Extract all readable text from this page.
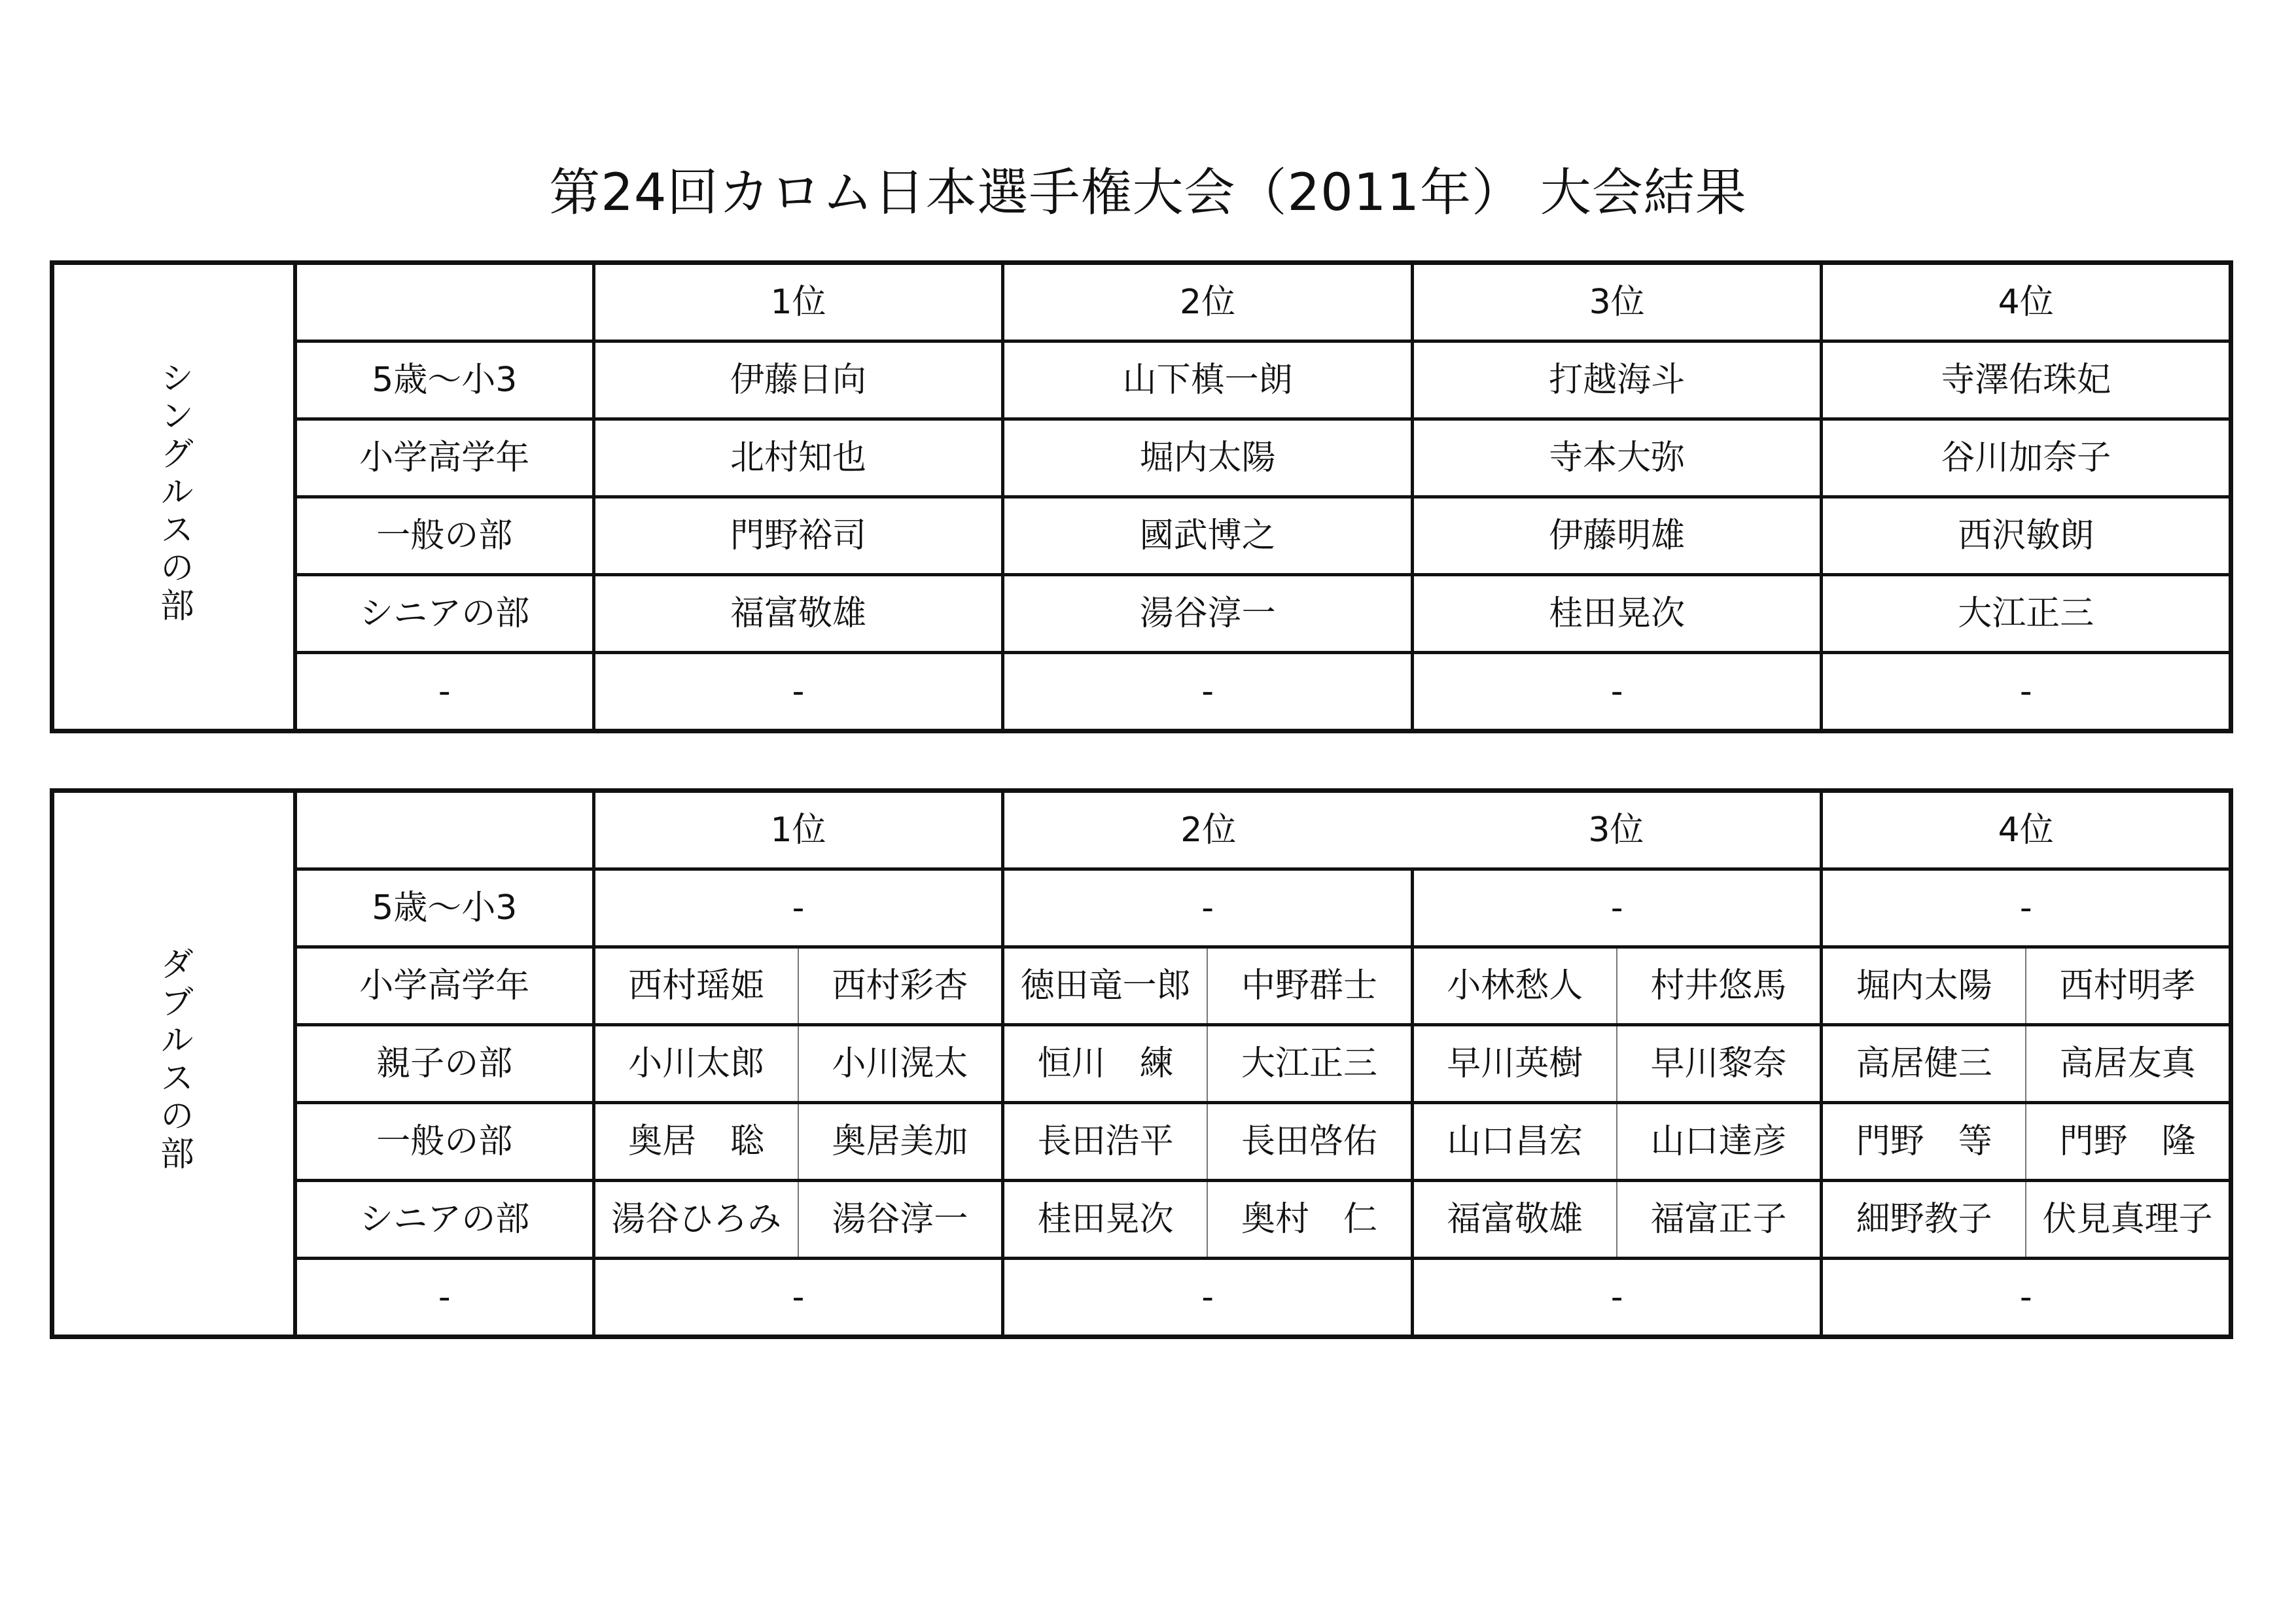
第24回カロム日本選手権大会（2011年） 大会結果
シングルスの部		1位	2位	3位	4位
	5歳～小3	伊藤日向	山下槙一朗	打越海斗	寺澤佑珠妃
	小学高学年	北村知也	堀内太陽	寺本大弥	谷川加奈子
	一般の部	門野裕司	國武博之	伊藤明雄	西沢敏朗
	シニアの部	福富敬雄	湯谷淳一	桂田晃次	大江正三
	-	-	-	-	-
ダブルスの部		1位		2位		3位		4位	
	5歳～小3	-		-		-		-	
	小学高学年	西村瑶姫	西村彩杏	徳田竜一郎	中野群士	小林愁人	村井悠馬	堀内太陽	西村明孝
	親子の部	小川太郎	小川滉太	恒川　練	大江正三	早川英樹	早川黎奈	高居健三	高居友真
	一般の部	奥居　聡	奥居美加	長田浩平	長田啓佑	山口昌宏	山口達彦	門野　等	門野　隆
	シニアの部	湯谷ひろみ	湯谷淳一	桂田晃次	奥村　仁	福富敬雄	福富正子	細野教子	伏見真理子
	-	-		-		-		-	
